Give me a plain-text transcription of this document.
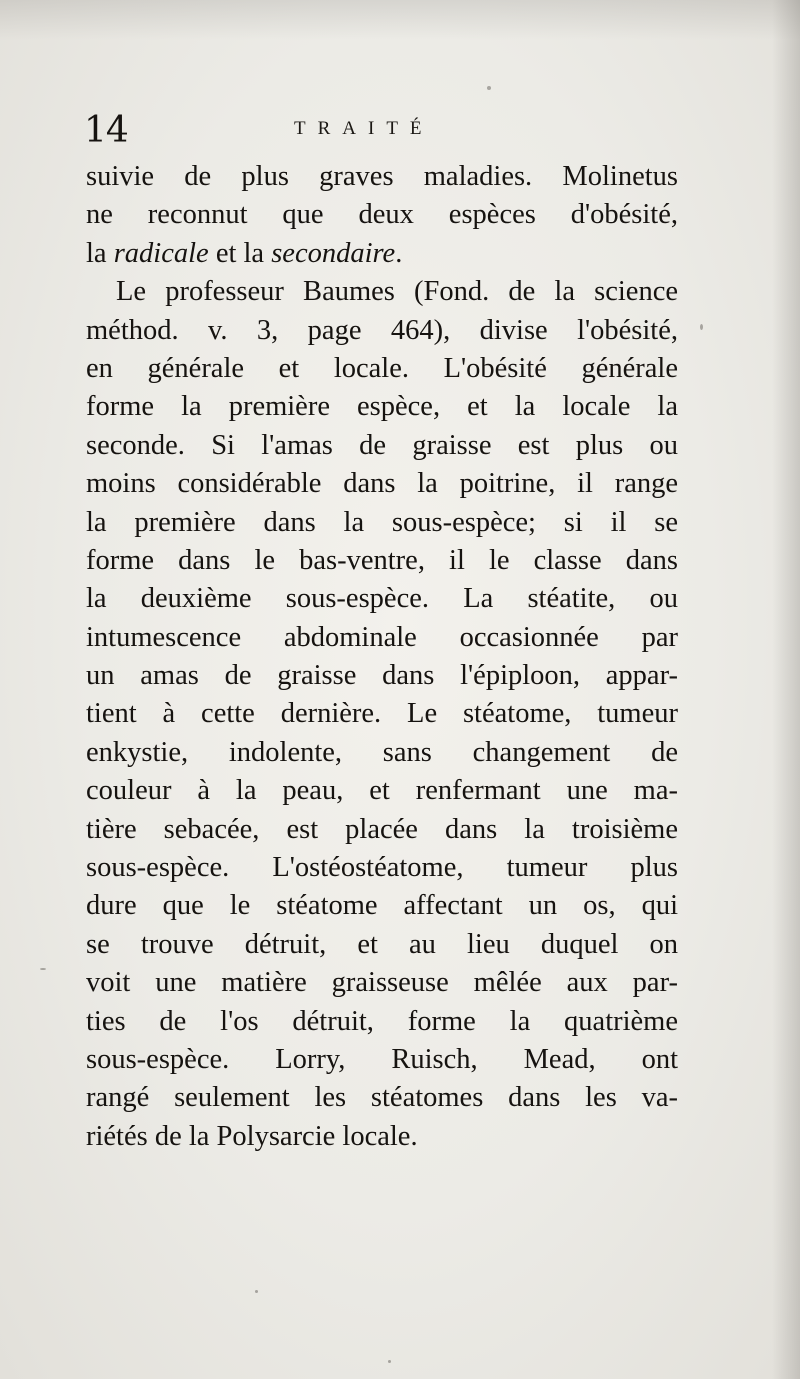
14	TRAITÉ
suivie de plus graves maladies. Molinetus
ne reconnut que deux espèces d'obésité,
la radicale et la secondaire.
Le professeur Baumes (Fond. de la science
méthod. v. 3, page 464), divise l'obésité,
en générale et locale. L'obésité générale
forme la première espèce, et la locale la
seconde. Si l'amas de graisse est plus ou
moins considérable dans la poitrine, il range
la première dans la sous-espèce; si il se
forme dans le bas-ventre, il le classe dans
la deuxième sous-espèce. La stéatite, ou
intumescence abdominale occasionnée par
un amas de graisse dans l'épiploon, appar-
tient à cette dernière. Le stéatome, tumeur
enkystie, indolente, sans changement de
couleur à la peau, et renfermant une ma-
tière sebacée, est placée dans la troisième
sous-espèce. L'ostéostéatome, tumeur plus
dure que le stéatome affectant un os, qui
se trouve détruit, et au lieu duquel on
voit une matière graisseuse mêlée aux par-
ties de l'os détruit, forme la quatrième
sous-espèce. Lorry, Ruisch, Mead, ont
rangé seulement les stéatomes dans les va-
riétés de la Polysarcie locale.
